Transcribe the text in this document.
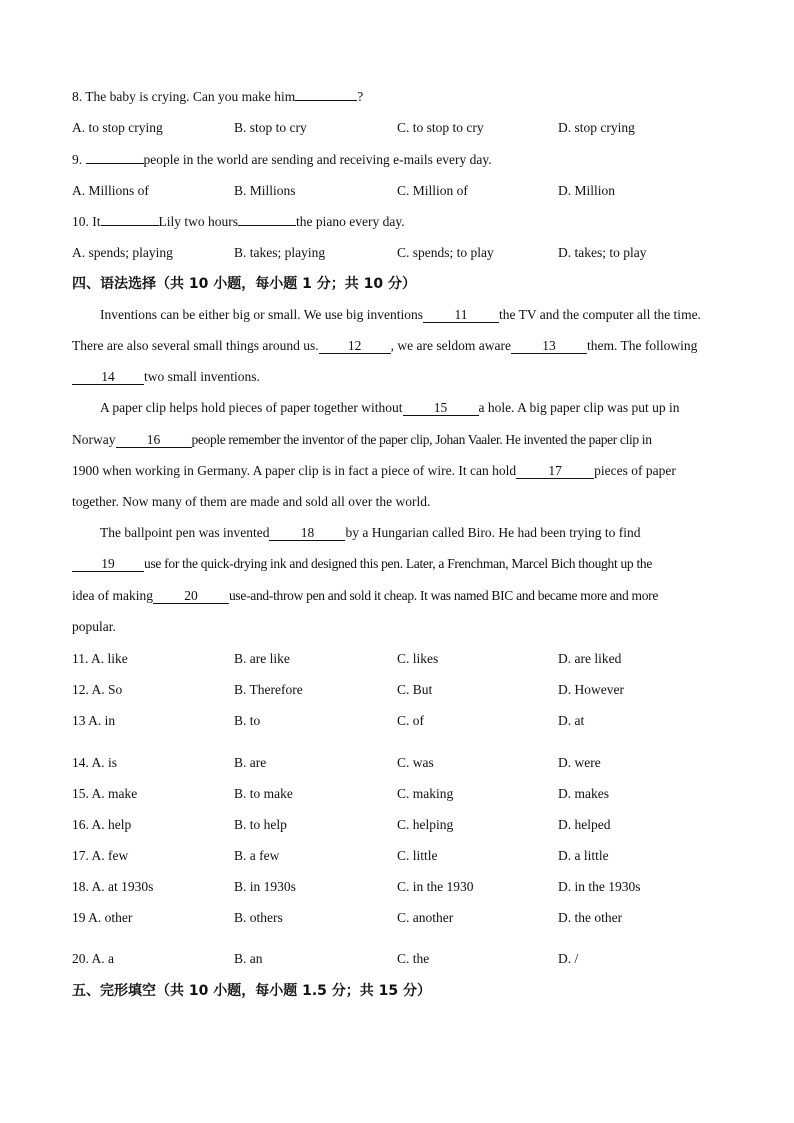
8. The baby is crying. Can you make him	?
A. to stop crying	B. stop to cry	C. to stop to cry	D. stop crying
9.	people in the world are sending and receiving e-mails every day.
A. Millions of	B. Millions	C. Million of	D. Million
10. It	Lily two hours	the piano every day.
A. spends; playing	B. takes; playing	C. spends; to play	D. takes; to play
四、语法选择（共 10 小题，每小题 1 分；共 10 分）
Inventions can be either big or small. We use big inventions 11 the TV and the computer all the time.
There are also several small things around us. 12 , we are seldom aware 13 them. The following
14 two small inventions.
A paper clip helps hold pieces of paper together without 15 a hole. A big paper clip was put up in
Norway 16 people remember the inventor of the paper clip, Johan Vaaler. He invented the paper clip in
1900 when working in Germany. A paper clip is in fact a piece of wire. It can hold 17 pieces of paper
together. Now many of them are made and sold all over the world.
The ballpoint pen was invented 18 by a Hungarian called Biro. He had been trying to find
19 use for the quick-drying ink and designed this pen. Later, a Frenchman, Marcel Bich thought up the
idea of making 20 use-and-throw pen and sold it cheap. It was named BIC and became more and more
popular.
11. A. like	B. are like	C. likes	D. are liked
12. A. So	B. Therefore	C. But	D. However
13 A. in	B. to	C. of	D. at
14. A. is	B. are	C. was	D. were
15. A. make	B. to make	C. making	D. makes
16. A. help	B. to help	C. helping	D. helped
17. A. few	B. a few	C. little	D. a little
18. A. at 1930s	B. in 1930s	C. in the 1930	D. in the 1930s
19 A. other	B. others	C. another	D. the other
20. A. a	B. an	C. the	D. /
五、完形填空（共 10 小题，每小题 1.5 分；共 15 分）
